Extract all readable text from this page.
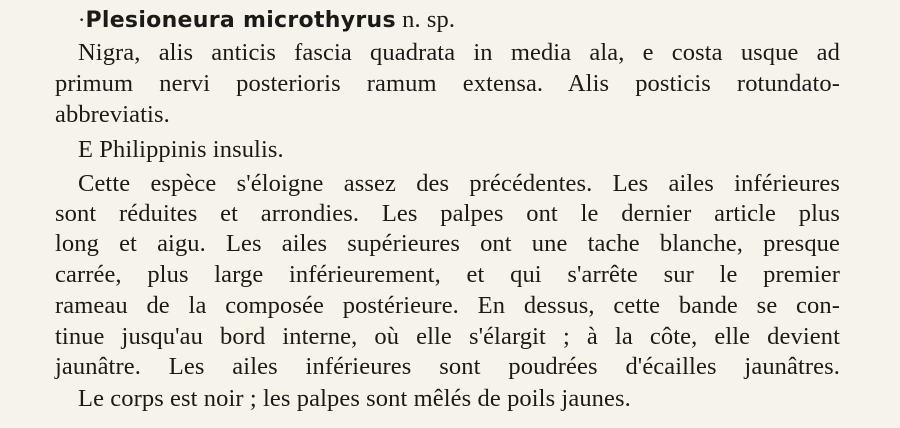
·Plesioneura microthyrus n. sp.
Nigra, alis anticis fascia quadrata in media ala, e costa usque ad
primum nervi posterioris ramum extensa. Alis posticis rotundato-
abbreviatis.
E Philippinis insulis.
Cette espèce s'éloigne assez des précédentes. Les ailes inférieures
sont réduites et arrondies. Les palpes ont le dernier article plus
long et aigu. Les ailes supérieures ont une tache blanche, presque
carrée, plus large inférieurement, et qui s'arrête sur le premier
rameau de la composée postérieure. En dessus, cette bande se con-
tinue jusqu'au bord interne, où elle s'élargit ; à la côte, elle devient
jaunâtre. Les ailes inférieures sont poudrées d'écailles jaunâtres.
Le corps est noir ; les palpes sont mêlés de poils jaunes.
